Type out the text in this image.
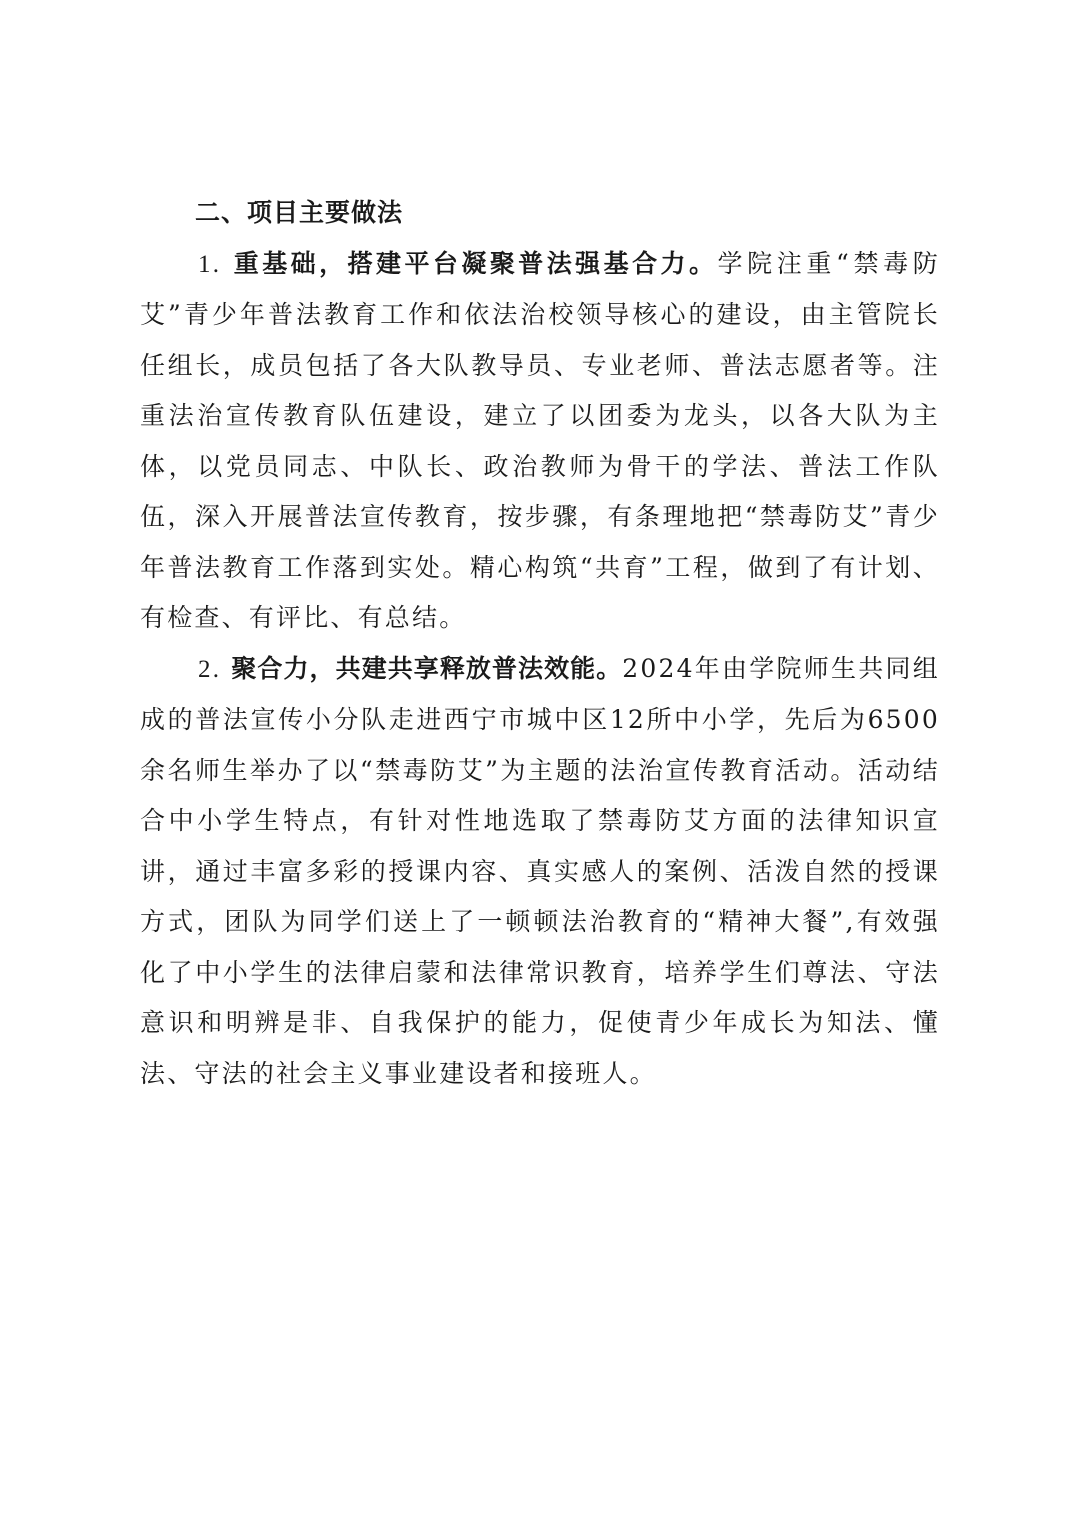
二、项目主要做法

1. 重基础，搭建平台凝聚普法强基合力。学院注重“禁毒防艾”青少年普法教育工作和依法治校领导核心的建设，由主管院长任组长，成员包括了各大队教导员、专业老师、普法志愿者等。注重法治宣传教育队伍建设，建立了以团委为龙头，以各大队为主体，以党员同志、中队长、政治教师为骨干的学法、普法工作队伍，深入开展普法宣传教育，按步骤，有条理地把“禁毒防艾”青少年普法教育工作落到实处。精心构筑“共育”工程，做到了有计划、有检查、有评比、有总结。

2. 聚合力，共建共享释放普法效能。2024年由学院师生共同组成的普法宣传小分队走进西宁市城中区12所中小学，先后为6500余名师生举办了以“禁毒防艾”为主题的法治宣传教育活动。活动结合中小学生特点，有针对性地选取了禁毒防艾方面的法律知识宣讲，通过丰富多彩的授课内容、真实感人的案例、活泼自然的授课方式，团队为同学们送上了一顿顿法治教育的“精神大餐”,有效强化了中小学生的法律启蒙和法律常识教育，培养学生们尊法、守法意识和明辨是非、自我保护的能力，促使青少年成长为知法、懂法、守法的社会主义事业建设者和接班人。
